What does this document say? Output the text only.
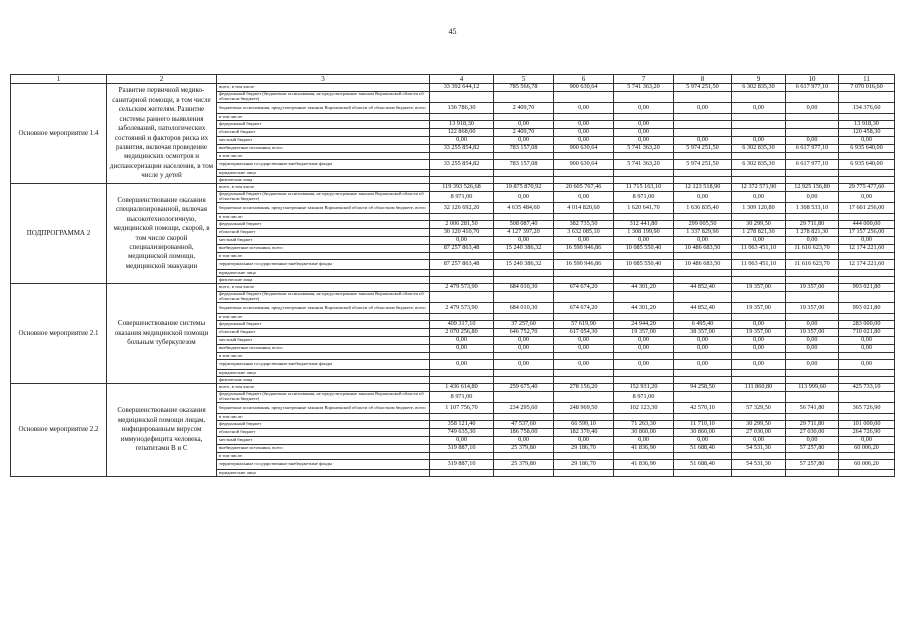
45
1	2	3	4	5	6	7	8	9	10	11
Основное мероприятие 1.4	Развитие первичной медико-санитарной помощи, в том числе сельским жителям. Развитие системы раннего выявления заболеваний, патологических состояний и факторов риска их развития, включая проведение медицинских осмотров и диспансеризации населения, в том числе у детей	всего, в том числе	33 392 644,12	785 566,78	900 630,64	5 741 363,20	5 974 251,50	6 302 835,30	6 617 977,10	7 070 016,60
		федеральный бюджет (бюджетные ассигнования, не предусмотренные законом Воронежской области об областном бюджете)								
		бюджетные ассигнования, предусмотренные законом Воронежской области об областном бюджете, всего	136 786,30	2 409,70	0,00	0,00	0,00	0,00	0,00	134 376,60
		в том числе:								
		федеральный бюджет	13 918,30	0,00	0,00	0,00				13 918,30
		областной бюджет	122 868,00	2 409,70	0,00	0,00				120 458,30
		местный бюджет	0,00	0,00	0,00	0,00	0,00	0,00	0,00	0,00
		внебюджетные источники, всего	33 255 854,82	783 157,08	900 630,64	5 741 363,20	5 974 251,50	6 302 835,30	6 617 977,10	6 935 640,00
		в том числе:								
		территориальные государственные внебюджетные фонды	33 255 854,82	783 157,08	900 630,64	5 741 363,20	5 974 251,50	6 302 835,30	6 617 977,10	6 935 640,00
		юридические лица								
		физические лица								
ПОДПРОГРАММА 2	Совершенствование оказания специализированной, включая высокотехнологичную, медицинской помощи, скорой, в том числе скорой специализированной, медицинской помощи, медицинской эвакуации	всего, в том числе	119 393 526,68	19 875 870,92	20 605 767,46	11 715 163,10	12 123 518,90	12 372 571,90	12 925 156,80	29 775 477,60
		федеральный бюджет (бюджетные ассигнования, не предусмотренные законом Воронежской области об областном бюджете)	8 971,00	0,00	0,00	8 971,00	0,00	0,00	0,00	0,00
		бюджетные ассигнования, предусмотренные законом Воронежской области об областном бюджете, всего	32 126 692,20	4 635 484,60	4 014 820,60	1 620 641,70	1 636 835,40	1 309 120,80	1 308 533,10	17 601 256,00
		в том числе:								
		федеральный бюджет	2 006 281,50	508 087,40	382 735,50	312 441,80	299 005,50	30 299,50	29 711,80	444 000,00
		областной бюджет	30 120 410,70	4 127 397,20	3 632 085,10	1 308 199,90	1 337 829,90	1 278 821,30	1 278 821,30	17 157 256,00
		местный бюджет	0,00	0,00	0,00	0,00	0,00	0,00	0,00	0,00
		внебюджетные источники, всего	87 257 863,48	15 240 386,32	16 590 946,86	10 085 550,40	10 486 683,50	11 063 451,10	11 616 623,70	12 174 221,60
		в том числе:								
		территориальные государственные внебюджетные фонды	87 257 863,48	15 240 386,32	16 590 946,86	10 085 550,40	10 486 683,50	11 063 451,10	11 616 623,70	12 174 221,60
		юридические лица								
		физические лица								
Основное мероприятие 2.1	Совершенствование системы оказания медицинской помощи больным туберкулезом	всего, в том числе	2 479 573,90	684 010,30	674 674,20	44 301,20	44 852,40	19 357,00	19 357,00	993 021,80
		федеральный бюджет (бюджетные ассигнования, не предусмотренные законом Воронежской области об областном бюджете)								
		бюджетные ассигнования, предусмотренные законом Воронежской области об областном бюджете, всего	2 479 573,90	684 010,30	674 674,20	44 301,20	44 852,40	19 357,00	19 357,00	993 021,80
		в том числе:								
		федеральный бюджет	409 317,10	37 257,60	57 619,90	24 944,20	6 495,40	0,00	0,00	283 000,00
		областной бюджет	2 070 256,80	646 752,70	617 054,30	19 357,00	38 357,00	19 357,00	19 357,00	710 021,80
		местный бюджет	0,00	0,00	0,00	0,00	0,00	0,00	0,00	0,00
		внебюджетные источники, всего	0,00	0,00	0,00	0,00	0,00	0,00	0,00	0,00
		в том числе:								
		территориальные государственные внебюджетные фонды	0,00	0,00	0,00	0,00	0,00	0,00	0,00	0,00
		юридические лица								
		физические лица								
Основное мероприятие 2.2	Совершенствование оказания медицинской помощи лицам, инфицированным вирусом иммунодефицита человека, гепатитами В и С	всего, в том числе	1 436 614,80	259 675,40	278 156,20	152 931,20	94 258,50	111 860,80	113 999,60	425 733,10
		федеральный бюджет (бюджетные ассигнования, не предусмотренные законом Воронежской области об областном бюджете)	8 971,00			8 971,00				
		бюджетные ассигнования, предусмотренные законом Воронежской области об областном бюджете, всего	1 107 756,70	234 295,60	248 969,50	102 123,30	42 570,10	57 329,50	56 741,80	365 726,90
		в том числе:								
		федеральный бюджет	358 121,40	47 537,60	66 599,10	71 263,30	11 710,10	30 299,50	29 711,80	101 000,00
		областной бюджет	749 635,30	186 758,00	182 370,40	30 860,00	30 860,00	27 030,00	27 030,00	264 726,90
		местный бюджет	0,00	0,00	0,00	0,00	0,00	0,00	0,00	0,00
		внебюджетные источники, всего	319 887,10	25 379,80	29 186,70	41 836,90	51 688,40	54 531,30	57 257,80	60 006,20
		в том числе:								
		территориальные государственные внебюджетные фонды	319 887,10	25 379,80	29 186,70	41 836,90	51 688,40	54 531,30	57 257,80	60 006,20
		юридические лица								
